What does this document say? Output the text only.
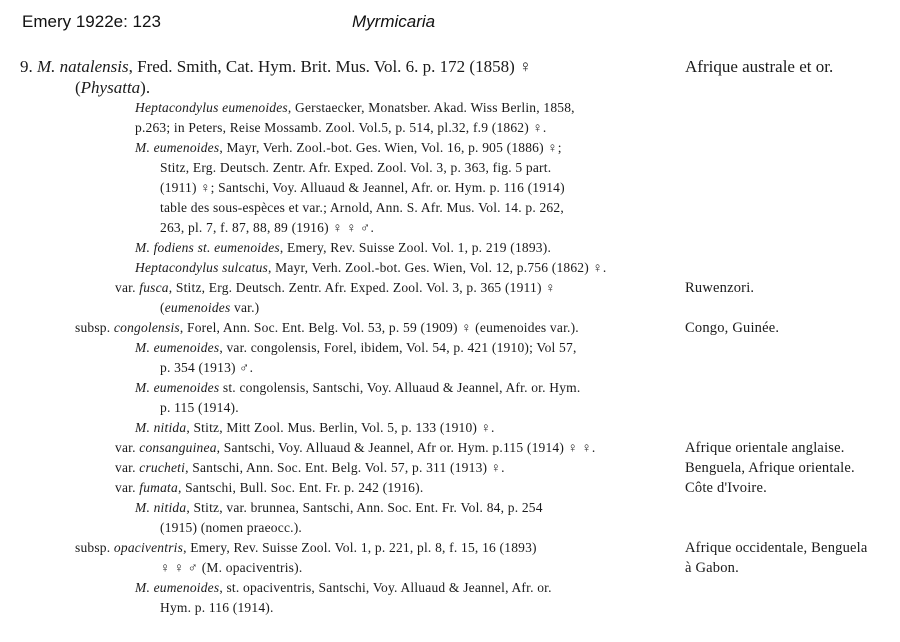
Emery 1922e: 123	Myrmicaria
9. M. natalensis, Fred. Smith, Cat. Hym. Brit. Mus. Vol. 6. p. 172 (1858) ♀	Afrique australe et or.
(Physatta).
Heptacondylus eumenoides, Gerstaecker, Monatsber. Akad. Wiss Berlin, 1858,
p.263; in Peters, Reise Mossamb. Zool. Vol.5, p. 514, pl.32, f.9 (1862) ♀.
M. eumenoides, Mayr, Verh. Zool.-bot. Ges. Wien, Vol. 16, p. 905 (1886) ♀;
Stitz, Erg. Deutsch. Zentr. Afr. Exped. Zool. Vol. 3, p. 363, fig. 5 part.
(1911) ♀; Santschi, Voy. Alluaud & Jeannel, Afr. or. Hym. p. 116 (1914)
table des sous-espèces et var.; Arnold, Ann. S. Afr. Mus. Vol. 14. p. 262,
263, pl. 7, f. 87, 88, 89 (1916) ♀ ♀ ♂.
M. fodiens st. eumenoides, Emery, Rev. Suisse Zool. Vol. 1, p. 219 (1893).
Heptacondylus sulcatus, Mayr, Verh. Zool.-bot. Ges. Wien, Vol. 12, p.756 (1862) ♀.
var. fusca, Stitz, Erg. Deutsch. Zentr. Afr. Exped. Zool. Vol. 3, p. 365 (1911) ♀	Ruwenzori.
(eumenoides var.)
subsp. congolensis, Forel, Ann. Soc. Ent. Belg. Vol. 53, p. 59 (1909) ♀ (eumenoides var.).	Congo, Guinée.
M. eumenoides, var. congolensis, Forel, ibidem, Vol. 54, p. 421 (1910); Vol 57,
p. 354 (1913) ♂.
M. eumenoides st. congolensis, Santschi, Voy. Alluaud & Jeannel, Afr. or. Hym.
p. 115 (1914).
M. nitida, Stitz, Mitt Zool. Mus. Berlin, Vol. 5, p. 133 (1910) ♀.
var. consanguinea, Santschi, Voy. Alluaud & Jeannel, Afr or. Hym. p.115 (1914) ♀ ♀.	Afrique orientale anglaise.
var. crucheti, Santschi, Ann. Soc. Ent. Belg. Vol. 57, p. 311 (1913) ♀.	Benguela, Afrique orientale.
var. fumata, Santschi, Bull. Soc. Ent. Fr. p. 242 (1916).	Côte d'Ivoire.
M. nitida, Stitz, var. brunnea, Santschi, Ann. Soc. Ent. Fr. Vol. 84, p. 254
(1915) (nomen praeocc.).
subsp. opaciventris, Emery, Rev. Suisse Zool. Vol. 1, p. 221, pl. 8, f. 15, 16 (1893)	Afrique occidentale, Benguela
♀ ♀ ♂ (M. opaciventris).	à Gabon.
M. eumenoides, st. opaciventris, Santschi, Voy. Alluaud & Jeannel, Afr. or.
Hym. p. 116 (1914).
